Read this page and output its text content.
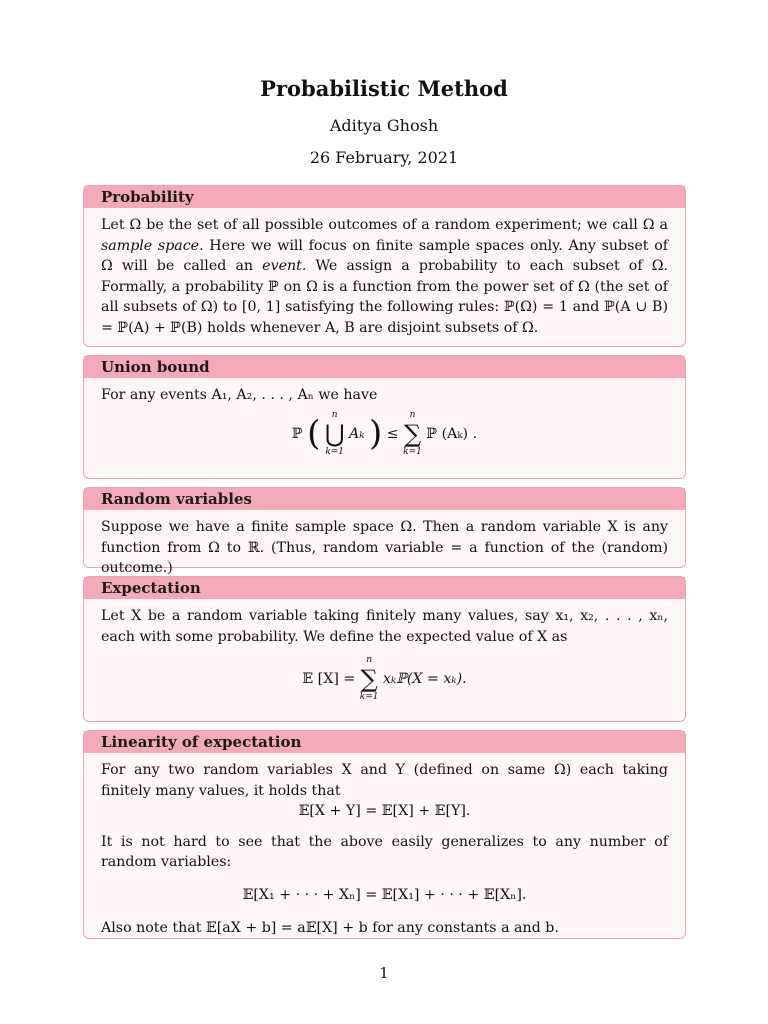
Probabilistic Method
Aditya Ghosh
26 February, 2021
Probability

Let Ω be the set of all possible outcomes of a random experiment; we call Ω a sample space. Here we will focus on finite sample spaces only. Any subset of Ω will be called an event. We assign a probability to each subset of Ω. Formally, a probability ℙ on Ω is a function from the power set of Ω (the set of all subsets of Ω) to [0, 1] satisfying the following rules: ℙ(Ω) = 1 and ℙ(A ∪ B) = ℙ(A) + ℙ(B) holds whenever A, B are disjoint subsets of Ω.

Union bound

For any events A₁, A₂, . . . , Aₙ we have

ℙ (	n
⋃
k=1
Aₖ ) ≤
n
∑
k=1
ℙ (Aₖ) .
Random variables

Suppose we have a finite sample space Ω. Then a random variable X is any function from Ω to ℝ. (Thus, random variable = a function of the (random) outcome.)

Expectation

Let X be a random variable taking finitely many values, say x₁, x₂, . . . , xₙ, each with some probability. We define the expected value of X as

𝔼 [X] =
n
∑
k=1
xₖℙ(X = xₖ).
Linearity of expectation

For any two random variables X and Y (defined on same Ω) each taking finitely many values, it holds that

𝔼[X + Y] = 𝔼[X] + 𝔼[Y].

It is not hard to see that the above easily generalizes to any number of random variables:

𝔼[X₁ + · · · + Xₙ] = 𝔼[X₁] + · · · + 𝔼[Xₙ].

Also note that 𝔼[aX + b] = a𝔼[X] + b for any constants a and b.

1
